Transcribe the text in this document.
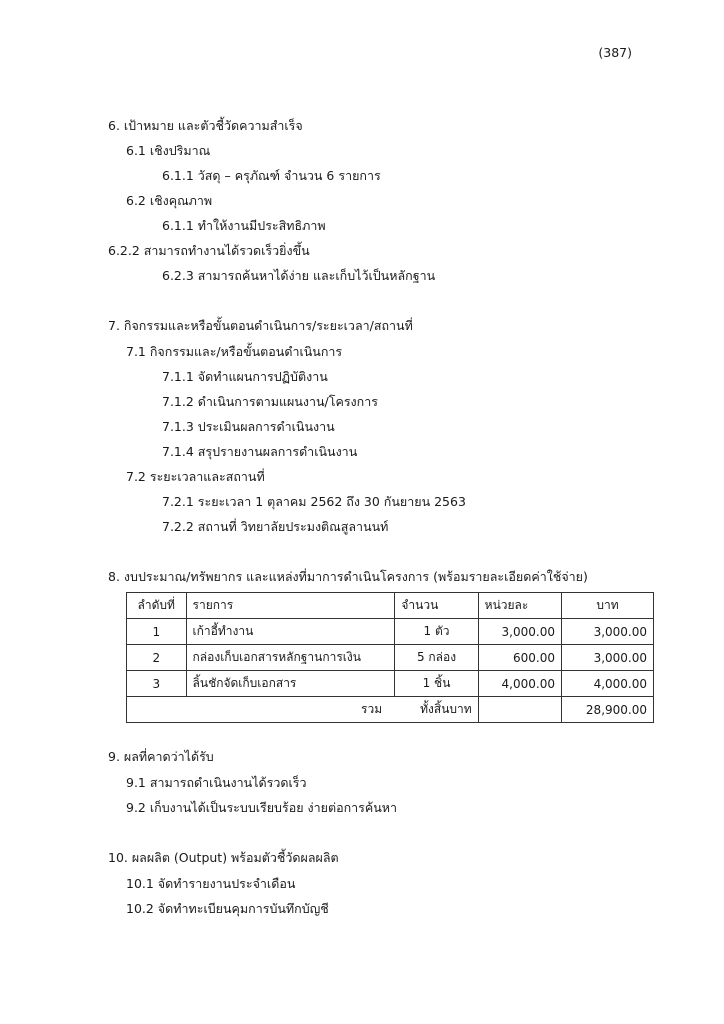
(387)
6. เป้าหมาย และตัวชี้วัดความสำเร็จ
6.1 เชิงปริมาณ
6.1.1 วัสดุ – ครุภัณฑ์ จำนวน 6 รายการ
6.2 เชิงคุณภาพ
6.1.1 ทำให้งานมีประสิทธิภาพ
6.2.2 สามารถทำงานได้รวดเร็วยิ่งขึ้น
6.2.3 สามารถค้นหาได้ง่าย และเก็บไว้เป็นหลักฐาน
7. กิจกรรมและหรือขั้นตอนดำเนินการ/ระยะเวลา/สถานที่
7.1 กิจกรรมและ/หรือขั้นตอนดำเนินการ
7.1.1 จัดทำแผนการปฏิบัติงาน
7.1.2 ดำเนินการตามแผนงาน/โครงการ
7.1.3 ประเมินผลการดำเนินงาน
7.1.4 สรุปรายงานผลการดำเนินงาน
7.2 ระยะเวลาและสถานที่
7.2.1 ระยะเวลา 1 ตุลาคม 2562 ถึง 30 กันยายน 2563
7.2.2 สถานที่ วิทยาลัยประมงติณสูลานนท์
8. งบประมาณ/ทรัพยากร และแหล่งที่มาการดำเนินโครงการ (พร้อมรายละเอียดค่าใช้จ่าย)
ลำดับที่	รายการ	จำนวน	หน่วยละ	บาท
1	เก้าอี้ทำงาน	1 ตัว	3,000.00	3,000.00
2	กล่องเก็บเอกสารหลักฐานการเงิน	5 กล่อง	600.00	3,000.00
3	ลิ้นชักจัดเก็บเอกสาร	1 ชิ้น	4,000.00	4,000.00
รวม ทั้งสิ้นบาท				28,900.00
9. ผลที่คาดว่าได้รับ
9.1 สามารถดำเนินงานได้รวดเร็ว
9.2 เก็บงานได้เป็นระบบเรียบร้อย ง่ายต่อการค้นหา
10. ผลผลิต (Output) พร้อมตัวชี้วัดผลผลิต
10.1 จัดทำรายงานประจำเดือน
10.2 จัดทำทะเบียนคุมการบันทึกบัญชี
